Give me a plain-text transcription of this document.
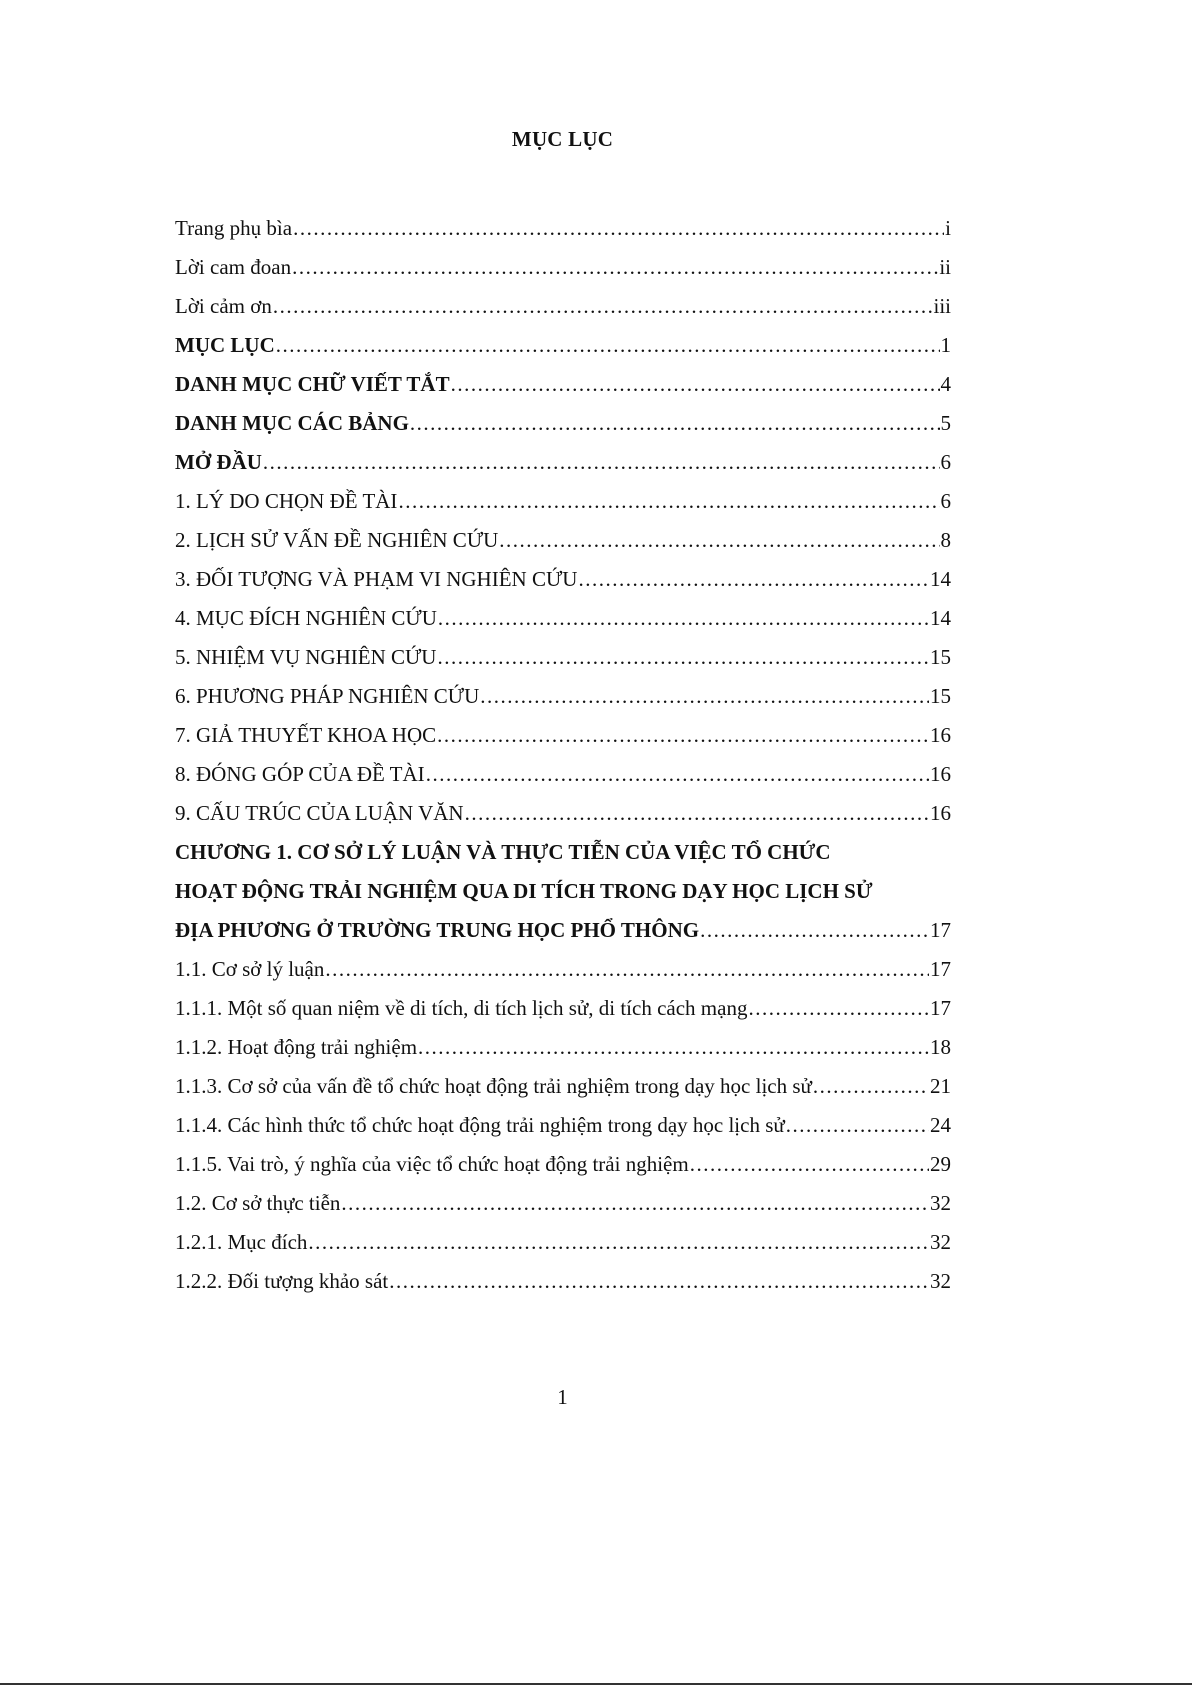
MỤC LỤC
Trang phụ bìa .....	i
Lời cam đoan .....	ii
Lời cảm ơn .....	iii
MỤC LỤC .....	1
DANH MỤC CHỮ VIẾT TẮT .....	4
DANH MỤC CÁC BẢNG .....	5
MỞ ĐẦU .....	6
1. LÝ DO CHỌN ĐỀ TÀI .....	6
2. LỊCH SỬ VẤN ĐỀ NGHIÊN CỨU .....	8
3. ĐỐI TƯỢNG VÀ PHẠM VI NGHIÊN CỨU .....	14
4. MỤC ĐÍCH NGHIÊN CỨU .....	14
5. NHIỆM VỤ NGHIÊN CỨU .....	15
6. PHƯƠNG PHÁP NGHIÊN CỨU .....	15
7. GIẢ THUYẾT KHOA HỌC .....	16
8. ĐÓNG GÓP CỦA ĐỀ TÀI .....	16
9. CẤU TRÚC CỦA LUẬN VĂN .....	16
CHƯƠNG 1. CƠ SỞ LÝ LUẬN VÀ THỰC TIỄN CỦA VIỆC TỔ CHỨC
HOẠT ĐỘNG TRẢI NGHIỆM QUA DI TÍCH TRONG DẠY HỌC LỊCH SỬ
ĐỊA PHƯƠNG Ở TRƯỜNG TRUNG HỌC PHỔ THÔNG .....	17
1.1. Cơ sở lý luận .....	17
1.1.1. Một số quan niệm về di tích, di tích lịch sử, di tích cách mạng .....	17
1.1.2. Hoạt động trải nghiệm .....	18
1.1.3. Cơ sở của vấn đề tổ chức hoạt động trải nghiệm trong dạy học lịch sử .....	21
1.1.4. Các hình thức tổ chức hoạt động trải nghiệm trong dạy học lịch sử .....	24
1.1.5. Vai trò, ý nghĩa của việc tổ chức hoạt động trải nghiệm .....	29
1.2. Cơ sở thực tiễn .....	32
1.2.1. Mục đích .....	32
1.2.2. Đối tượng khảo sát .....	32
1
